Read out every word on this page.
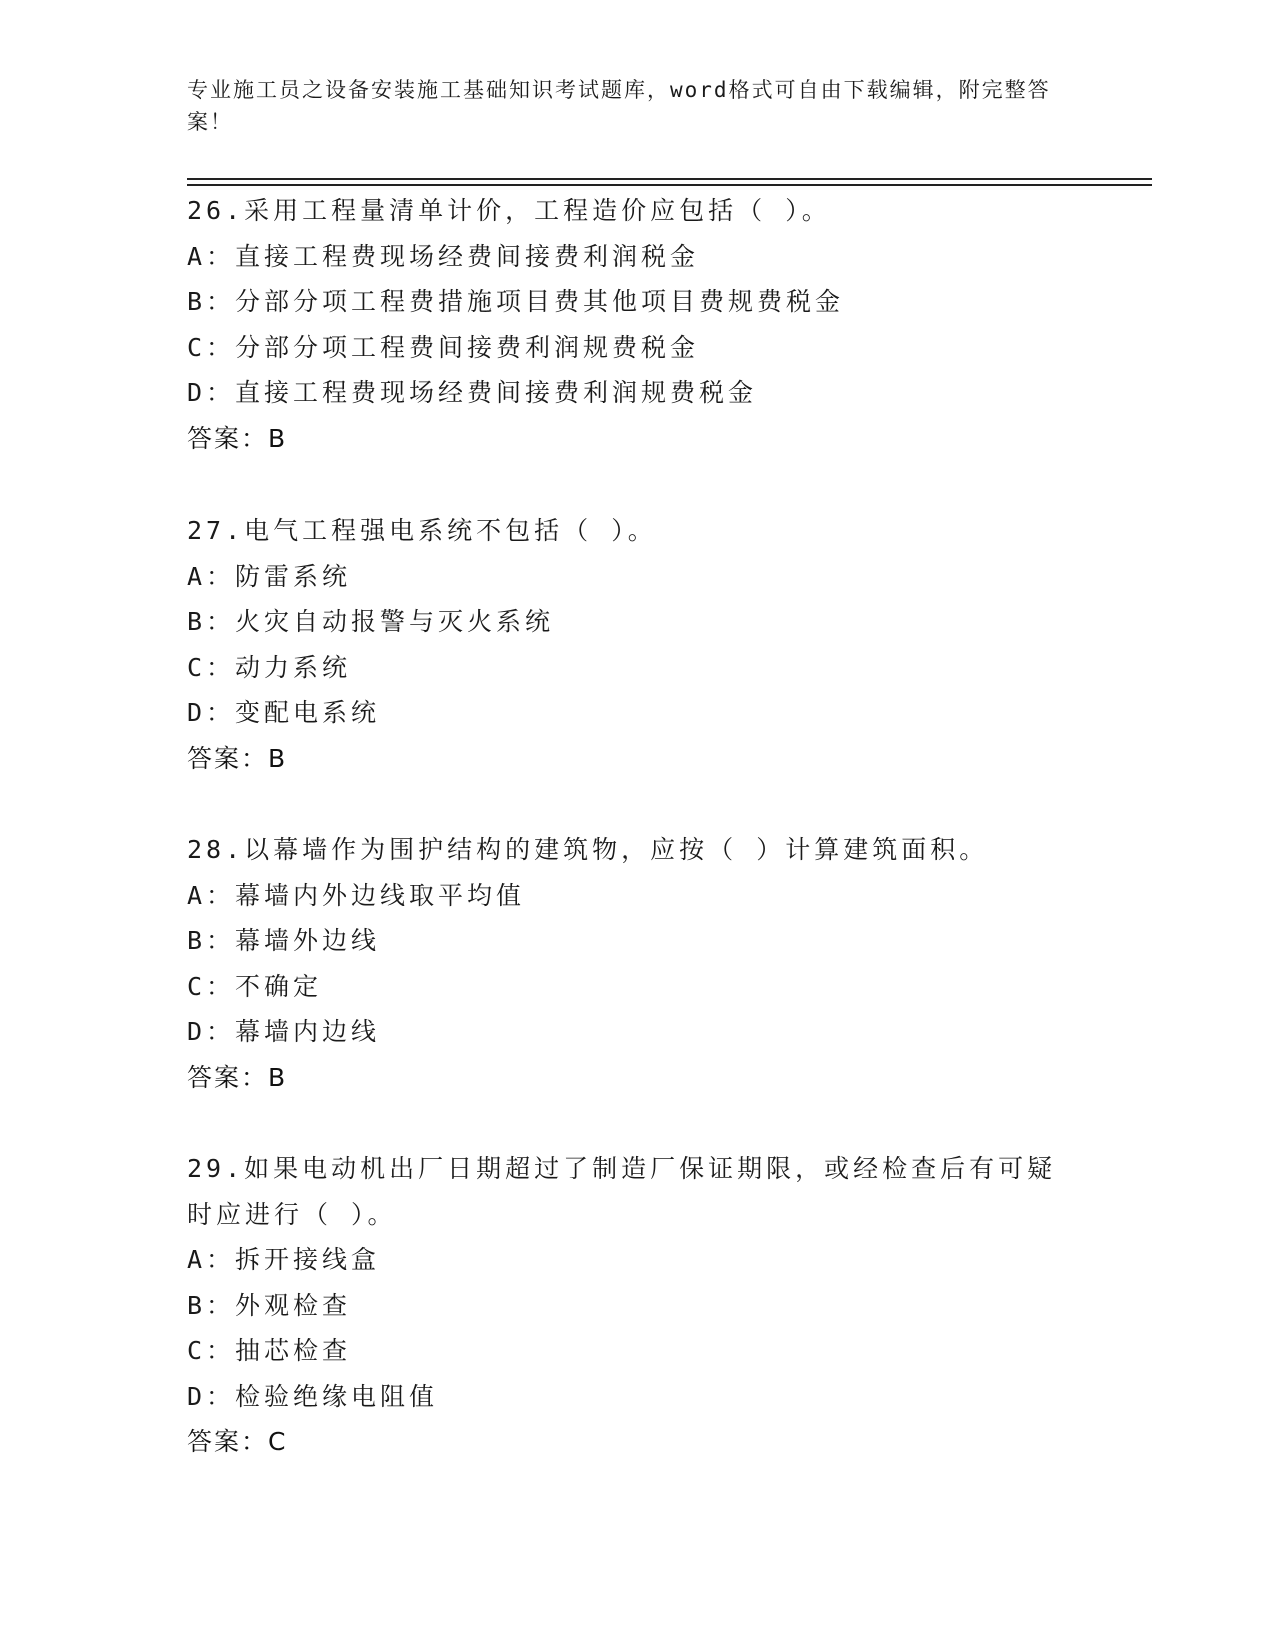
专业施工员之设备安装施工基础知识考试题库，word格式可自由下载编辑，附完整答案！
26.采用工程量清单计价，工程造价应包括（ ）。
A：直接工程费现场经费间接费利润税金
B：分部分项工程费措施项目费其他项目费规费税金
C：分部分项工程费间接费利润规费税金
D：直接工程费现场经费间接费利润规费税金
答案：B
27.电气工程强电系统不包括（ ）。
A：防雷系统
B：火灾自动报警与灭火系统
C：动力系统
D：变配电系统
答案：B
28.以幕墙作为围护结构的建筑物，应按（ ）计算建筑面积。
A：幕墙内外边线取平均值
B：幕墙外边线
C：不确定
D：幕墙内边线
答案：B
29.如果电动机出厂日期超过了制造厂保证期限，或经检查后有可疑时应进行（ ）。
A：拆开接线盒
B：外观检查
C：抽芯检查
D：检验绝缘电阻值
答案：C
